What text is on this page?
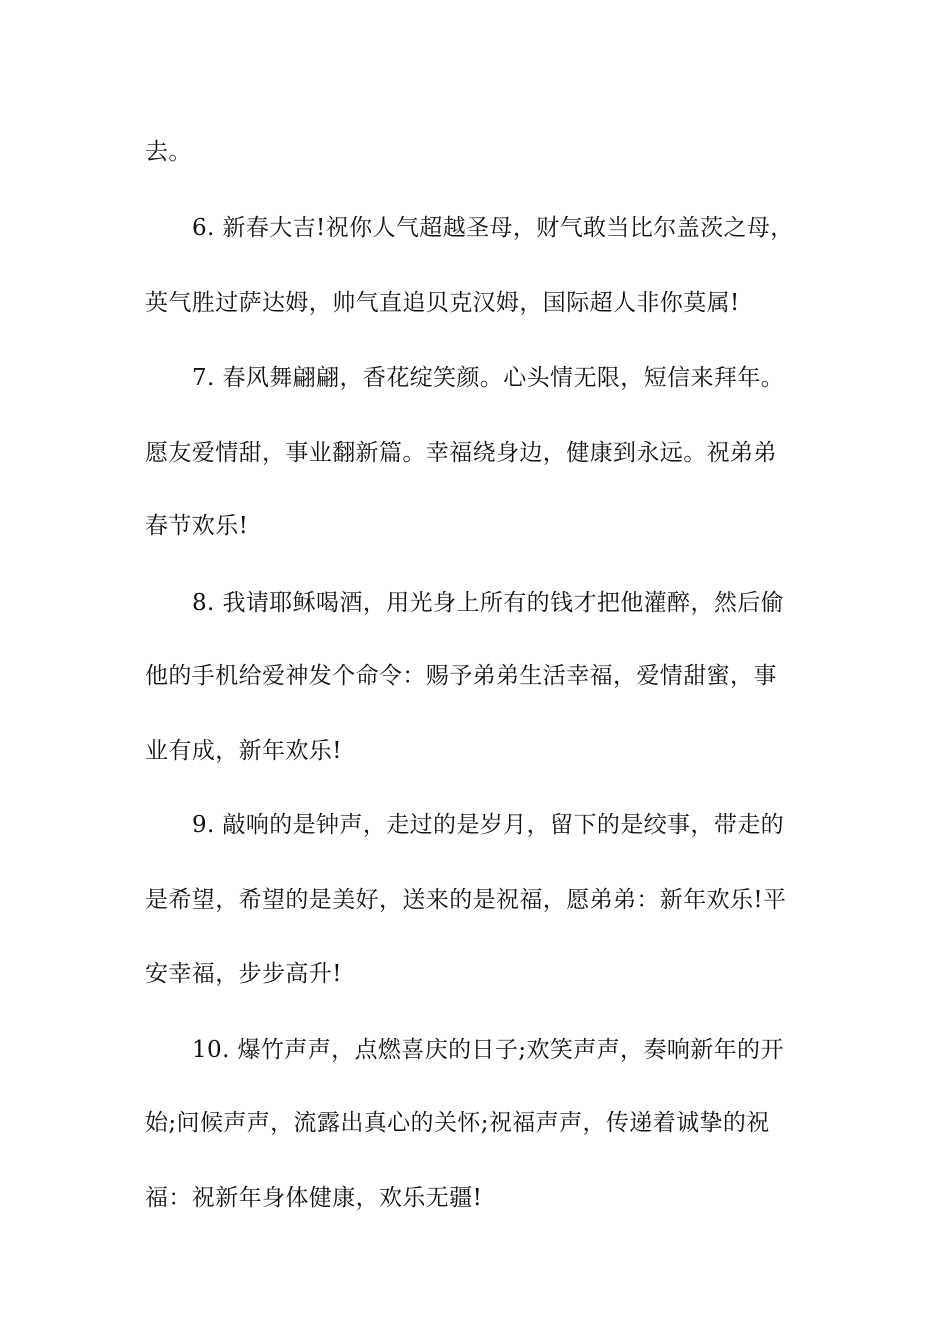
去。
6. 新春大吉!祝你人气超越圣母，财气敢当比尔盖茨之母，
英气胜过萨达姆，帅气直追贝克汉姆，国际超人非你莫属!
7. 春风舞翩翩，香花绽笑颜。心头情无限，短信来拜年。
愿友爱情甜，事业翻新篇。幸福绕身边，健康到永远。祝弟弟
春节欢乐!
8. 我请耶稣喝酒，用光身上所有的钱才把他灌醉，然后偷
他的手机给爱神发个命令：赐予弟弟生活幸福，爱情甜蜜，事
业有成，新年欢乐!
9. 敲响的是钟声，走过的是岁月，留下的是绞事，带走的
是希望，希望的是美好，送来的是祝福，愿弟弟：新年欢乐!平
安幸福，步步高升!
10. 爆竹声声，点燃喜庆的日子;欢笑声声，奏响新年的开
始;问候声声，流露出真心的关怀;祝福声声，传递着诚挚的祝
福：祝新年身体健康，欢乐无疆!
